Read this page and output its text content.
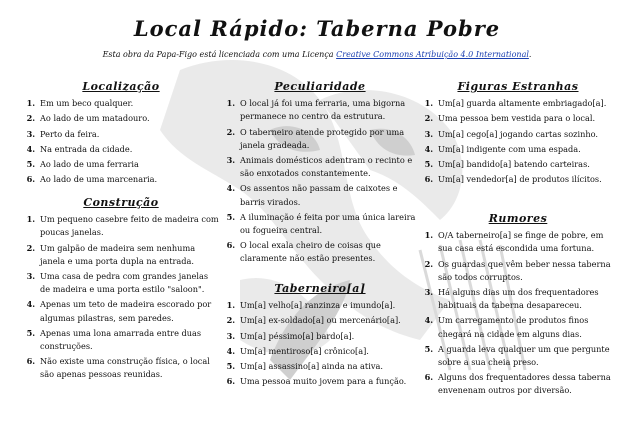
Local Rápido: Taberna Pobre
Esta obra da Papa-Figo está licenciada com uma Licença Creative Commons Atribuição 4.0 International.
Localização
1. Em um beco qualquer.
2. Ao lado de um matadouro.
3. Perto da feira.
4. Na entrada da cidade.
5. Ao lado de uma ferraria
6. Ao lado de uma marcenaria.
Construção
1. Um pequeno casebre feito de madeira com poucas janelas.
2. Um galpão de madeira sem nenhuma janela e uma porta dupla na entrada.
3. Uma casa de pedra com grandes janelas de madeira e uma porta estilo "saloon".
4. Apenas um teto de madeira escorado por algumas pilastras, sem paredes.
5. Apenas uma lona amarrada entre duas construções.
6. Não existe uma construção física, o local são apenas pessoas reunidas.
Peculiaridade
1. O local já foi uma ferraria, uma bigorna permanece no centro da estrutura.
2. O taberneiro atende protegido por uma janela gradeada.
3. Animais domésticos adentram o recinto e são enxotados constantemente.
4. Os assentos não passam de caixotes e barris virados.
5. A iluminação é feita por uma única lareira ou fogueira central.
6. O local exala cheiro de coisas que claramente não estão presentes.
Taberneiro[a]
1. Um[a] velho[a] ranzinza e imundo[a].
2. Um[a] ex-soldado[a] ou mercenário[a].
3. Um[a] péssimo[a] bardo[a].
4. Um[a] mentiroso[a] crônico[a].
5. Um[a] assassino[a] ainda na ativa.
6. Uma pessoa muito jovem para a função.
Figuras Estranhas
1. Um[a] guarda altamente embriagado[a].
2. Uma pessoa bem vestida para o local.
3. Um[a] cego[a] jogando cartas sozinho.
4. Um[a] indigente com uma espada.
5. Um[a] bandido[a] batendo carteiras.
6. Um[a] vendedor[a] de produtos ilícitos.
Rumores
1. O/A taberneiro[a] se finge de pobre, em sua casa está escondida uma fortuna.
2. Os guardas que vêm beber nessa taberna são todos corruptos.
3. Há alguns dias um dos frequentadores habituais da taberna desapareceu.
4. Um carregamento de produtos finos chegará na cidade em alguns dias.
5. A guarda leva qualquer um que pergunte sobre a sua cheia preso.
6. Alguns dos frequentadores dessa taberna envenenam outros por diversão.
